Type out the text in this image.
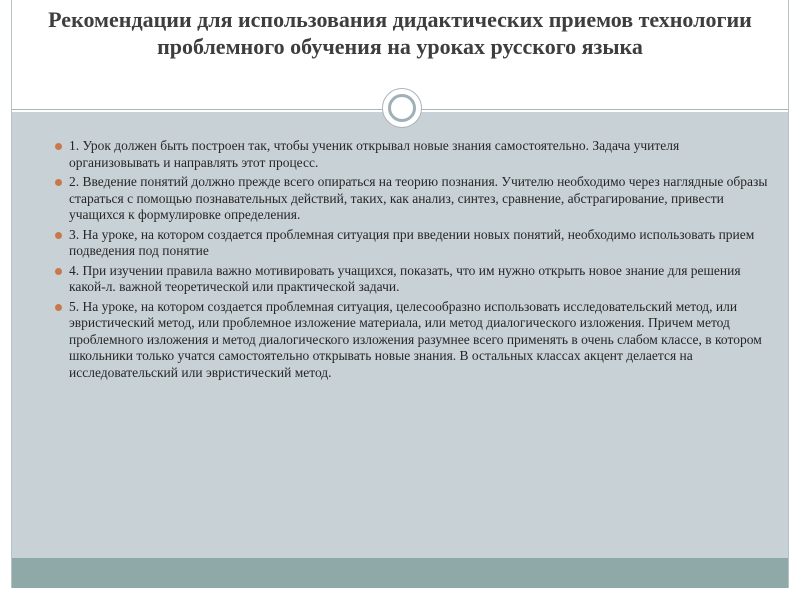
Рекомендации для использования дидактических приемов технологии проблемного обучения на уроках русского языка
1. Урок должен быть построен так, чтобы ученик открывал новые знания самостоятельно. Задача учителя организовывать и направлять этот процесс.
2. Введение понятий должно прежде всего опираться на теорию познания. Учителю необходимо через наглядные образы стараться с помощью познавательных действий, таких, как анализ, синтез, сравнение, абстрагирование, привести учащихся к формулировке определения.
3. На уроке, на котором создается проблемная ситуация при введении новых понятий, необходимо использовать прием подведения под понятие
4. При изучении правила важно мотивировать учащихся, показать, что им нужно открыть новое знание для решения какой-л. важной теоретической или практической задачи.
5. На уроке, на котором создается проблемная ситуация, целесообразно использовать исследовательский метод, или эвристический метод, или проблемное изложение материала, или метод диалогического изложения. Причем метод проблемного изложения и метод диалогического изложения разумнее всего применять в очень слабом классе, в котором школьники только учатся самостоятельно открывать новые знания. В остальных классах акцент делается на исследовательский или эвристический метод.
